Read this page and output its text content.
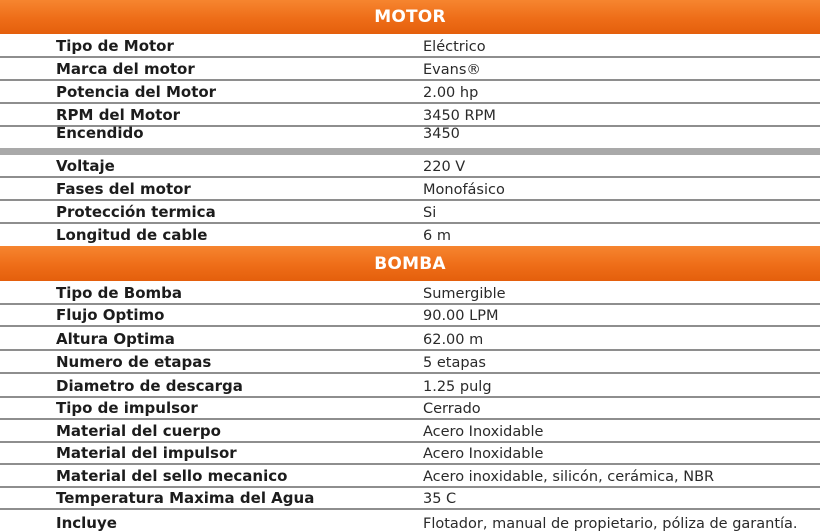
MOTOR
Tipo de Motor	Eléctrico
Marca del motor	Evans®
Potencia del Motor	2.00 hp
RPM del Motor	3450 RPM
Encendido	3450
Voltaje	220 V
Fases del motor	Monofásico
Protección termica	Si
Longitud de cable	6 m
BOMBA
Tipo de Bomba	Sumergible
Flujo Optimo	90.00 LPM
Altura Optima	62.00 m
Numero de etapas	5 etapas
Diametro de descarga	1.25 pulg
Tipo de impulsor	Cerrado
Material del cuerpo	Acero Inoxidable
Material del impulsor	Acero Inoxidable
Material del sello mecanico	Acero inoxidable, silicón, cerámica, NBR
Temperatura Maxima del Agua	35 C
Incluye	Flotador, manual de propietario, póliza de garantía.
